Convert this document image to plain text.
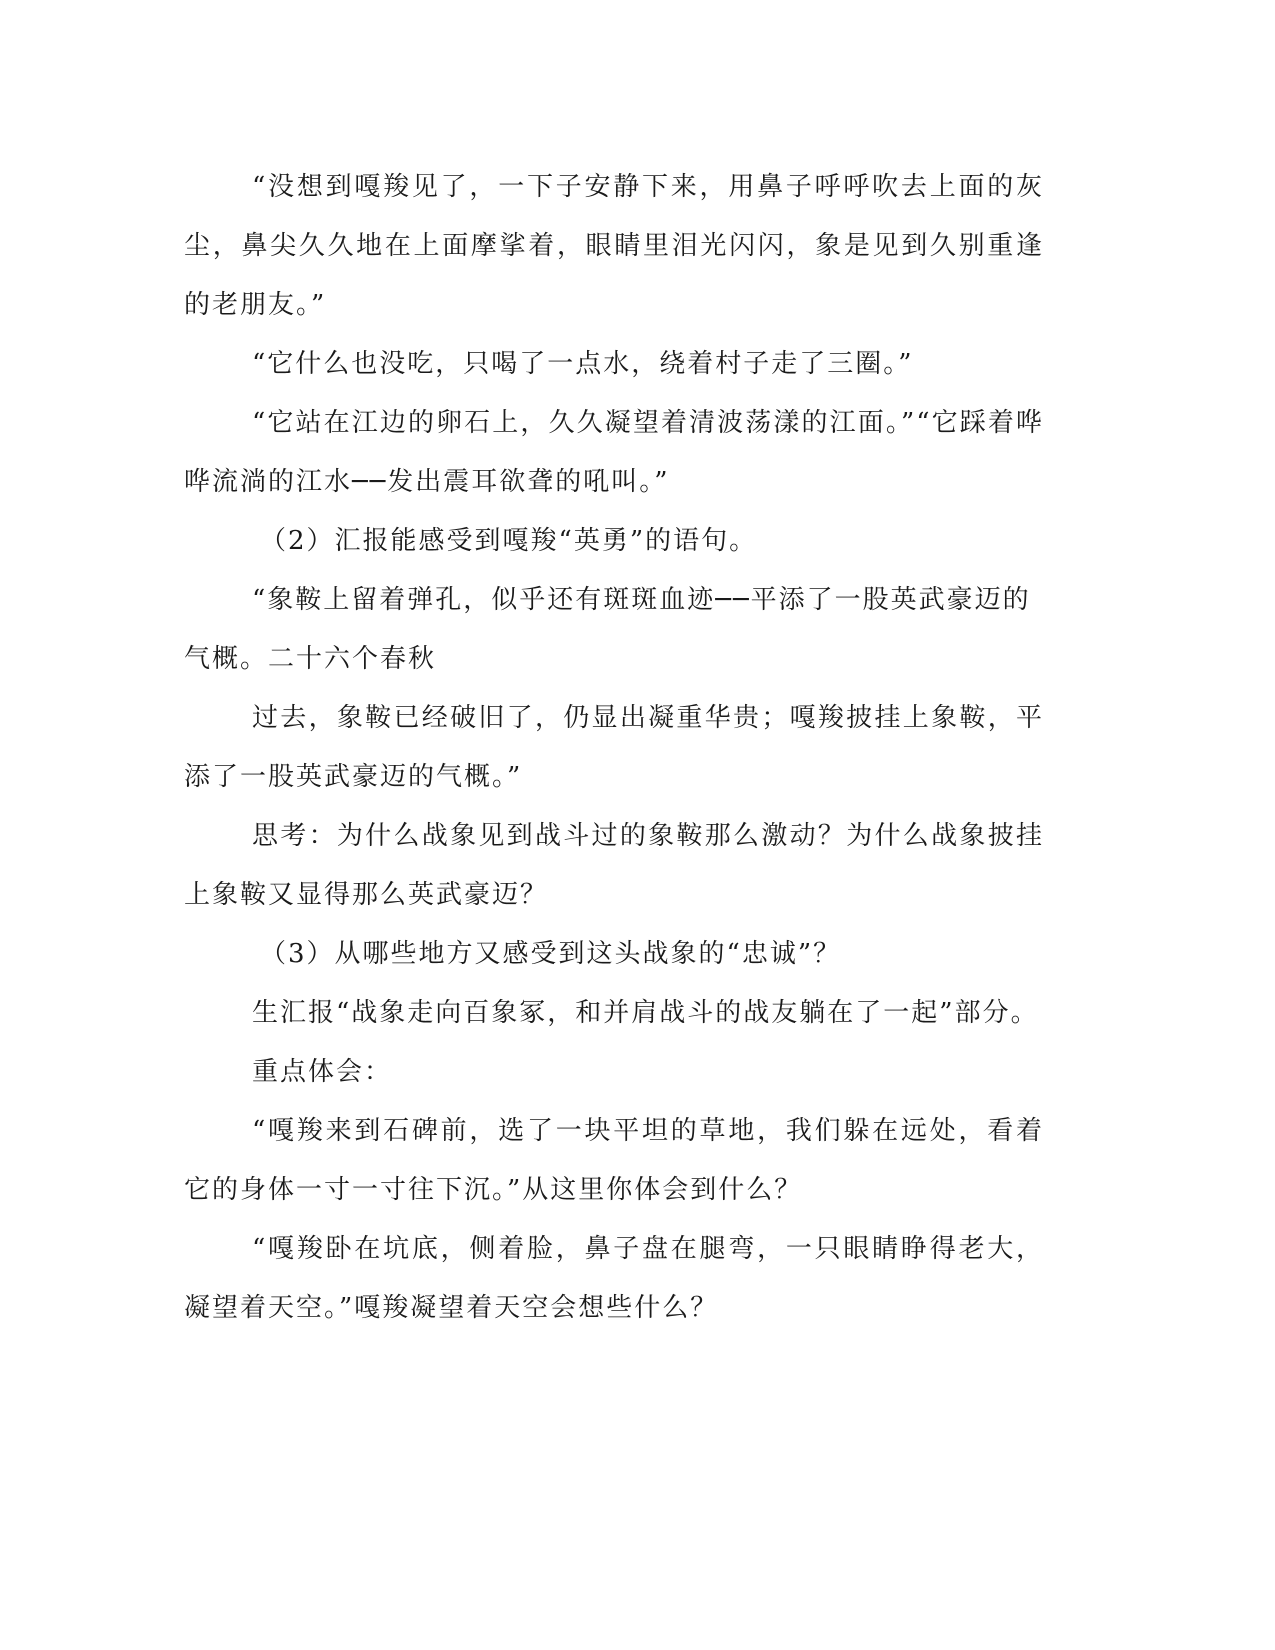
“没想到嘎羧见了，一下子安静下来，用鼻子呼呼吹去上面的灰尘，鼻尖久久地在上面摩挲着，眼睛里泪光闪闪，象是见到久别重逢的老朋友。”

“它什么也没吃，只喝了一点水，绕着村子走了三圈。”

“它站在江边的卵石上，久久凝望着清波荡漾的江面。”“它踩着哗哗流淌的江水──发出震耳欲聋的吼叫。”

（2）汇报能感受到嘎羧“英勇”的语句。

“象鞍上留着弹孔，似乎还有斑斑血迹──平添了一股英武豪迈的

气概。二十六个春秋

过去，象鞍已经破旧了，仍显出凝重华贵；嘎羧披挂上象鞍，平添了一股英武豪迈的气概。”

思考：为什么战象见到战斗过的象鞍那么激动？为什么战象披挂上象鞍又显得那么英武豪迈？

（3）从哪些地方又感受到这头战象的“忠诚”？

生汇报“战象走向百象冢，和并肩战斗的战友躺在了一起”部分。

重点体会：

“嘎羧来到石碑前，选了一块平坦的草地，我们躲在远处，看着它的身体一寸一寸往下沉。”从这里你体会到什么？

“嘎羧卧在坑底，侧着脸，鼻子盘在腿弯，一只眼睛睁得老大，凝望着天空。”嘎羧凝望着天空会想些什么？
